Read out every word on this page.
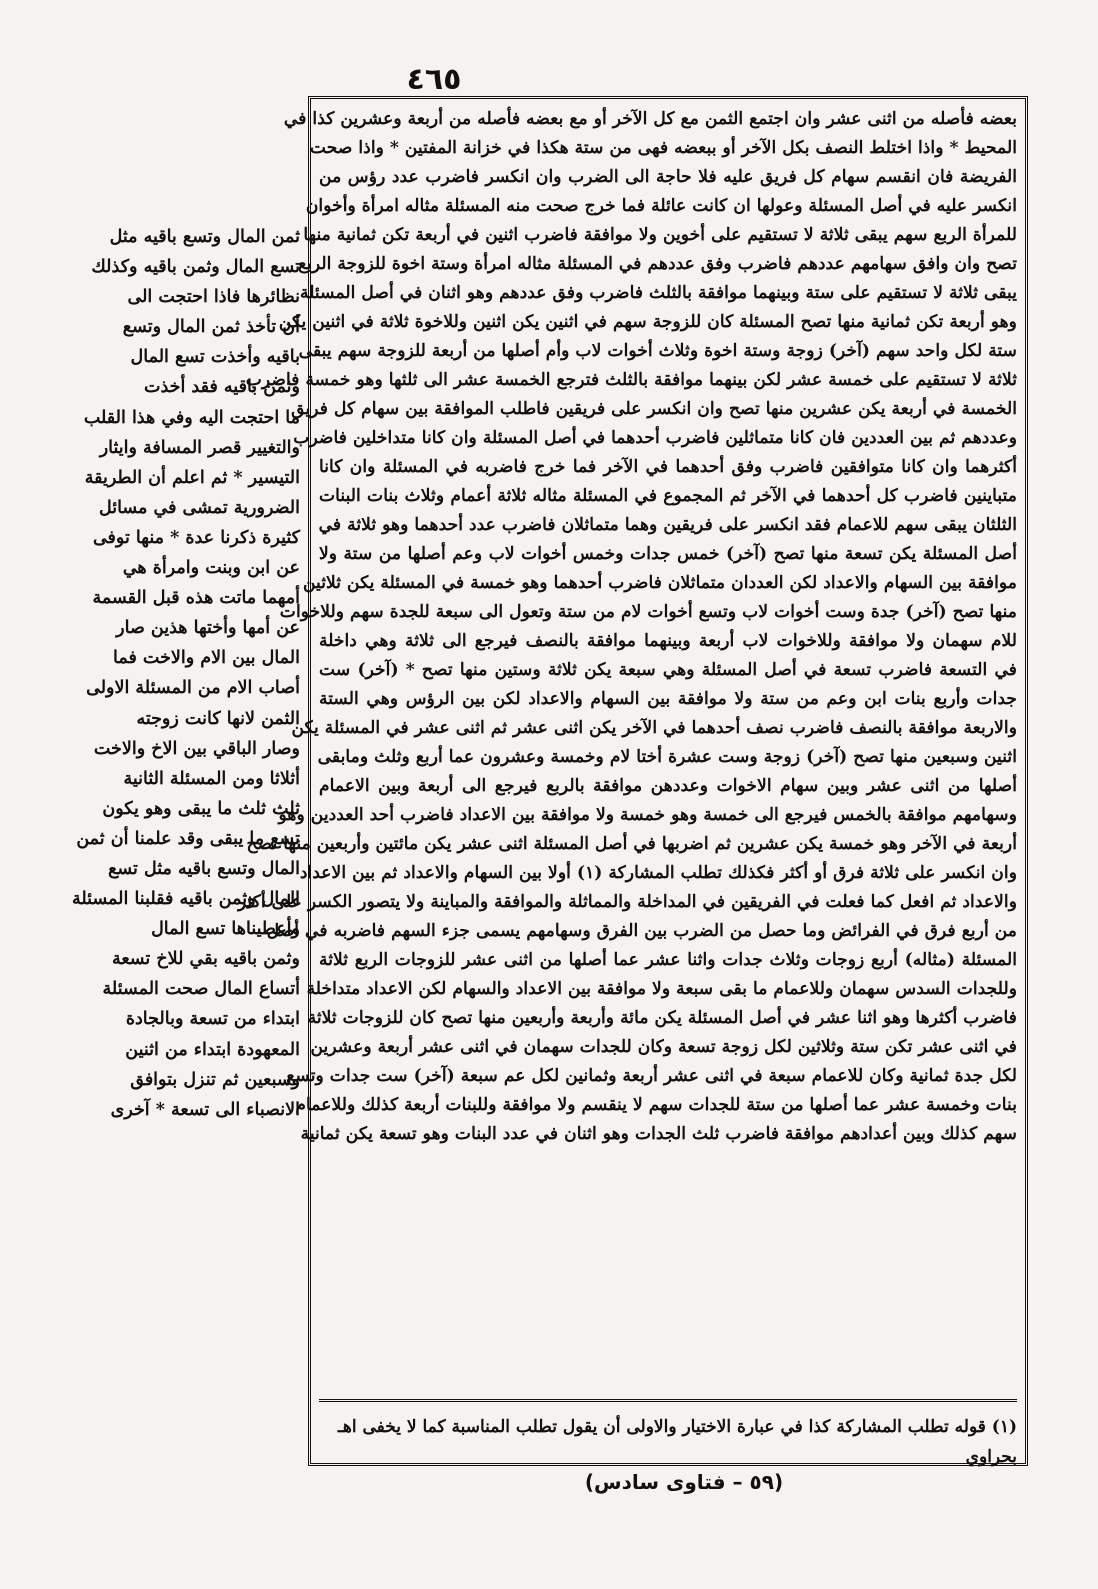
٤٦٥
ثمن المال وتسع باقيه مثل
تسع المال وثمن باقيه وكذلك
نظائرها فاذا احتجت الى
أن تأخذ ثمن المال وتسع
باقيه وأخذت تسع المال
وثمن باقيه فقد أخذت
ما احتجت اليه وفي هذا القلب
والتغيير قصر المسافة وايثار
التيسير * ثم اعلم أن الطريقة
الضرورية تمشى في مسائل
كثيرة ذكرنا عدة * منها توفى
عن ابن وبنت وامرأة هي
أمهما ماتت هذه قبل القسمة
عن أمها وأختها هذين صار
المال بين الام والاخت فما
أصاب الام من المسئلة الاولى
الثمن لانها كانت زوجته
وصار الباقي بين الاخ والاخت
أثلاثا ومن المسئلة الثانية
ثلث ثلث ما يبقى وهو يكون
تسع ما يبقى وقد علمنا أن ثمن
المال وتسع باقيه مثل تسع
المال وثمن باقيه فقلبنا المسئلة
وأعطيناها تسع المال
وثمن باقيه بقي للاخ تسعة
أتساع المال صحت المسئلة
ابتداء من تسعة وبالجادة
المعهودة ابتداء من اثنين
وسبعين ثم تنزل بتوافق
الانصباء الى تسعة * آخرى
بعضه فأصله من اثنى عشر وان اجتمع الثمن مع كل الآخر أو مع بعضه فأصله من أربعة وعشرين كذا في
المحيط * واذا اختلط النصف بكل الآخر أو ببعضه فهى من ستة هكذا في خزانة المفتين * واذا صحت
الفريضة فان انقسم سهام كل فريق عليه فلا حاجة الى الضرب وان انكسر فاضرب عدد رؤس من
انكسر عليه في أصل المسئلة وعولها ان كانت عائلة فما خرج صحت منه المسئلة مثاله امرأة وأخوان
للمرأة الربع سهم يبقى ثلاثة لا تستقيم على أخوين ولا موافقة فاضرب اثنين في أربعة تكن ثمانية منها
تصح وان وافق سهامهم عددهم فاضرب وفق عددهم في المسئلة مثاله امرأة وستة اخوة للزوجة الربع
يبقى ثلاثة لا تستقيم على ستة وبينهما موافقة بالثلث فاضرب وفق عددهم وهو اثنان في أصل المسئلة
وهو أربعة تكن ثمانية منها تصح المسئلة كان للزوجة سهم في اثنين يكن اثنين وللاخوة ثلاثة في اثنين يكن
ستة لكل واحد سهم (آخر) زوجة وستة اخوة وثلاث أخوات لاب وأم أصلها من أربعة للزوجة سهم يبقى
ثلاثة لا تستقيم على خمسة عشر لكن بينهما موافقة بالثلث فترجع الخمسة عشر الى ثلثها وهو خمسة فاضرب
الخمسة في أربعة يكن عشرين منها تصح وان انكسر على فريقين فاطلب الموافقة بين سهام كل فريق
وعددهم ثم بين العددين فان كانا متماثلين فاضرب أحدهما في أصل المسئلة وان كانا متداخلين فاضرب
أكثرهما وان كانا متوافقين فاضرب وفق أحدهما في الآخر فما خرج فاضربه في المسئلة وان كانا
متباينين فاضرب كل أحدهما في الآخر ثم المجموع في المسئلة مثاله ثلاثة أعمام وثلاث بنات البنات
الثلثان يبقى سهم للاعمام فقد انكسر على فريقين وهما متماثلان فاضرب عدد أحدهما وهو ثلاثة في
أصل المسئلة يكن تسعة منها تصح (آخر) خمس جدات وخمس أخوات لاب وعم أصلها من ستة ولا
موافقة بين السهام والاعداد لكن العددان متماثلان فاضرب أحدهما وهو خمسة في المسئلة يكن ثلاثين
منها تصح (آخر) جدة وست أخوات لاب وتسع أخوات لام من ستة وتعول الى سبعة للجدة سهم وللاخوات
للام سهمان ولا موافقة وللاخوات لاب أربعة وبينهما موافقة بالنصف فيرجع الى ثلاثة وهي داخلة
في التسعة فاضرب تسعة في أصل المسئلة وهي سبعة يكن ثلاثة وستين منها تصح * (آخر) ست
جدات وأربع بنات ابن وعم من ستة ولا موافقة بين السهام والاعداد لكن بين الرؤس وهي الستة
والاربعة موافقة بالنصف فاضرب نصف أحدهما في الآخر يكن اثنى عشر ثم اثنى عشر في المسئلة يكن
اثنين وسبعين منها تصح (آخر) زوجة وست عشرة أختا لام وخمسة وعشرون عما أربع وثلث ومابقى
أصلها من اثنى عشر وبين سهام الاخوات وعددهن موافقة بالربع فيرجع الى أربعة وبين الاعمام
وسهامهم موافقة بالخمس فيرجع الى خمسة وهو خمسة ولا موافقة بين الاعداد فاضرب أحد العددين وهو
أربعة في الآخر وهو خمسة يكن عشرين ثم اضربها في أصل المسئلة اثنى عشر يكن مائتين وأربعين منها تصح
وان انكسر على ثلاثة فرق أو أكثر فكذلك تطلب المشاركة (١) أولا بين السهام والاعداد ثم بين الاعداد
والاعداد ثم افعل كما فعلت في الفريقين في المداخلة والمماثلة والموافقة والمباينة ولا يتصور الكسر على أكثر
من أربع فرق في الفرائض وما حصل من الضرب بين الفرق وسهامهم يسمى جزء السهم فاضربه في أصل
المسئلة (مثاله) أربع زوجات وثلاث جدات واثنا عشر عما أصلها من اثنى عشر للزوجات الربع ثلاثة
وللجدات السدس سهمان وللاعمام ما بقى سبعة ولا موافقة بين الاعداد والسهام لكن الاعداد متداخلة
فاضرب أكثرها وهو اثنا عشر في أصل المسئلة يكن مائة وأربعة وأربعين منها تصح كان للزوجات ثلاثة
في اثنى عشر تكن ستة وثلاثين لكل زوجة تسعة وكان للجدات سهمان في اثنى عشر أربعة وعشرين
لكل جدة ثمانية وكان للاعمام سبعة في اثنى عشر أربعة وثمانين لكل عم سبعة (آخر) ست جدات وتسع
بنات وخمسة عشر عما أصلها من ستة للجدات سهم لا ينقسم ولا موافقة وللبنات أربعة كذلك وللاعمام
سهم كذلك وبين أعدادهم موافقة فاضرب ثلث الجدات وهو اثنان في عدد البنات وهو تسعة يكن ثمانية
(١) قوله تطلب المشاركة كذا في عبارة الاختيار والاولى أن يقول تطلب المناسبة كما لا يخفى اهـ بحراوي
(٥٩ – فتاوى سادس)
